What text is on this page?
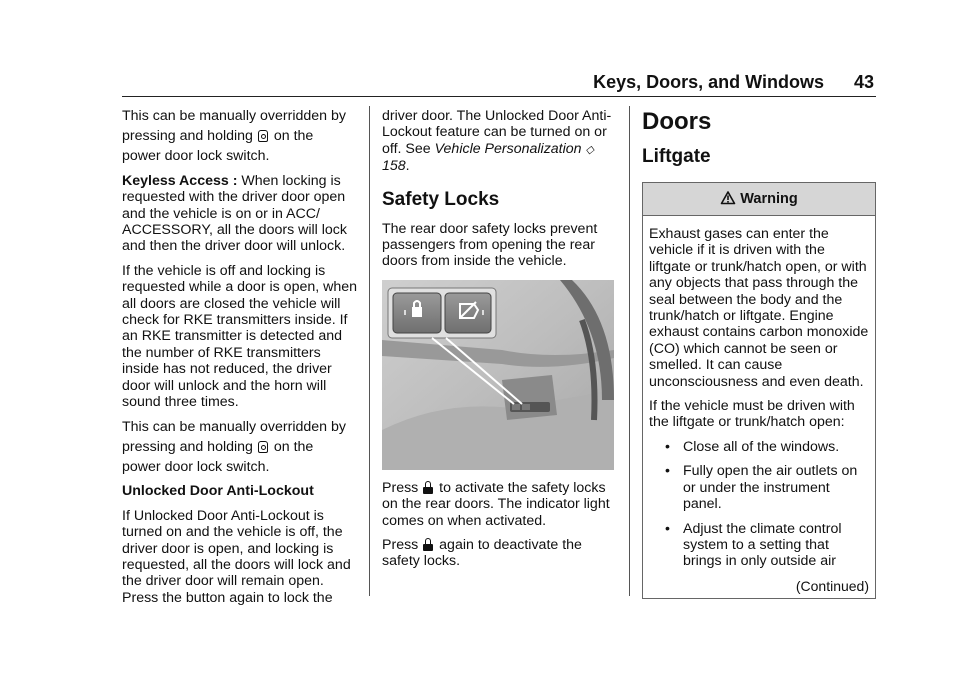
Keys, Doors, and Windows 43

This can be manually overridden by
pressing and holding on the
power door lock switch.

Keyless Access : When locking is requested with the driver door open and the vehicle is on or in ACC/ ACCESSORY, all the doors will lock and then the driver door will unlock.

If the vehicle is off and locking is requested while a door is open, when all doors are closed the vehicle will check for RKE transmitters inside. If an RKE transmitter is detected and the number of RKE transmitters inside has not reduced, the driver door will unlock and the horn will sound three times.

This can be manually overridden by
pressing and holding on the
power door lock switch.

Unlocked Door Anti-Lockout

If Unlocked Door Anti-Lockout is turned on and the vehicle is off, the driver door is open, and locking is requested, all the doors will lock and the driver door will remain open. Press the button again to lock the

driver door. The Unlocked Door Anti-Lockout feature can be turned on or off. See Vehicle Personalization ◇ 158.

Safety Locks

The rear door safety locks prevent passengers from opening the rear doors from inside the vehicle.

Press to activate the safety locks on the rear doors. The indicator light comes on when activated.

Press again to deactivate the safety locks.

Doors
Liftgate
Warning

Exhaust gases can enter the vehicle if it is driven with the liftgate or trunk/hatch open, or with any objects that pass through the seal between the body and the trunk/hatch or liftgate. Engine exhaust contains carbon monoxide (CO) which cannot be seen or smelled. It can cause unconsciousness and even death.

If the vehicle must be driven with the liftgate or trunk/hatch open:

• Close all of the windows.
• Fully open the air outlets on or under the instrument panel.
• Adjust the climate control system to a setting that brings in only outside air
(Continued)
